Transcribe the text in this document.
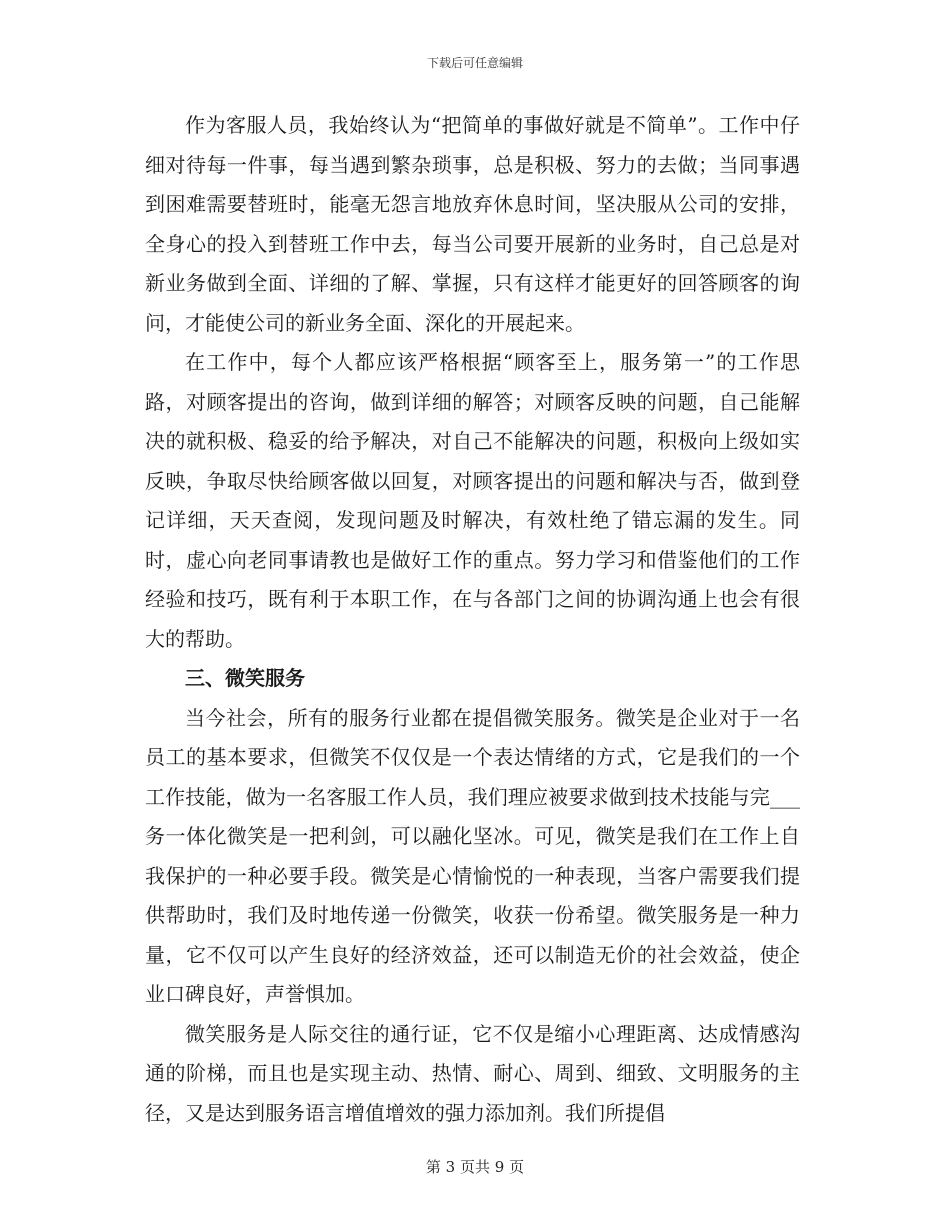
下载后可任意编辑

作为客服人员，我始终认为“把简单的事做好就是不简单”。工作中仔细对待每一件事，每当遇到繁杂琐事，总是积极、努力的去做；当同事遇到困难需要替班时，能毫无怨言地放弃休息时间，坚决服从公司的安排，全身心的投入到替班工作中去，每当公司要开展新的业务时，自己总是对新业务做到全面、详细的了解、掌握，只有这样才能更好的回答顾客的询问，才能使公司的新业务全面、深化的开展起来。

在工作中，每个人都应该严格根据“顾客至上，服务第一”的工作思路，对顾客提出的咨询，做到详细的解答；对顾客反映的问题，自己能解决的就积极、稳妥的给予解决，对自己不能解决的问题，积极向上级如实反映，争取尽快给顾客做以回复，对顾客提出的问题和解决与否，做到登记详细，天天查阅，发现问题及时解决，有效杜绝了错忘漏的发生。同时，虚心向老同事请教也是做好工作的重点。努力学习和借鉴他们的工作经验和技巧，既有利于本职工作，在与各部门之间的协调沟通上也会有很大的帮助。

三、微笑服务

当今社会，所有的服务行业都在提倡微笑服务。微笑是企业对于一名员工的基本要求，但微笑不仅仅是一个表达情绪的方式，它是我们的一个工作技能，做为一名客服工作人员，我们理应被要求做到技术技能与完___务一体化微笑是一把利剑，可以融化坚冰。可见，微笑是我们在工作上自我保护的一种必要手段。微笑是心情愉悦的一种表现，当客户需要我们提供帮助时，我们及时地传递一份微笑，收获一份希望。微笑服务是一种力量，它不仅可以产生良好的经济效益，还可以制造无价的社会效益，使企业口碑良好，声誉惧加。

微笑服务是人际交往的通行证，它不仅是缩小心理距离、达成情感沟通的阶梯，而且也是实现主动、热情、耐心、周到、细致、文明服务的主径，又是达到服务语言增值增效的强力添加剂。我们所提倡

第 3 页共 9 页
